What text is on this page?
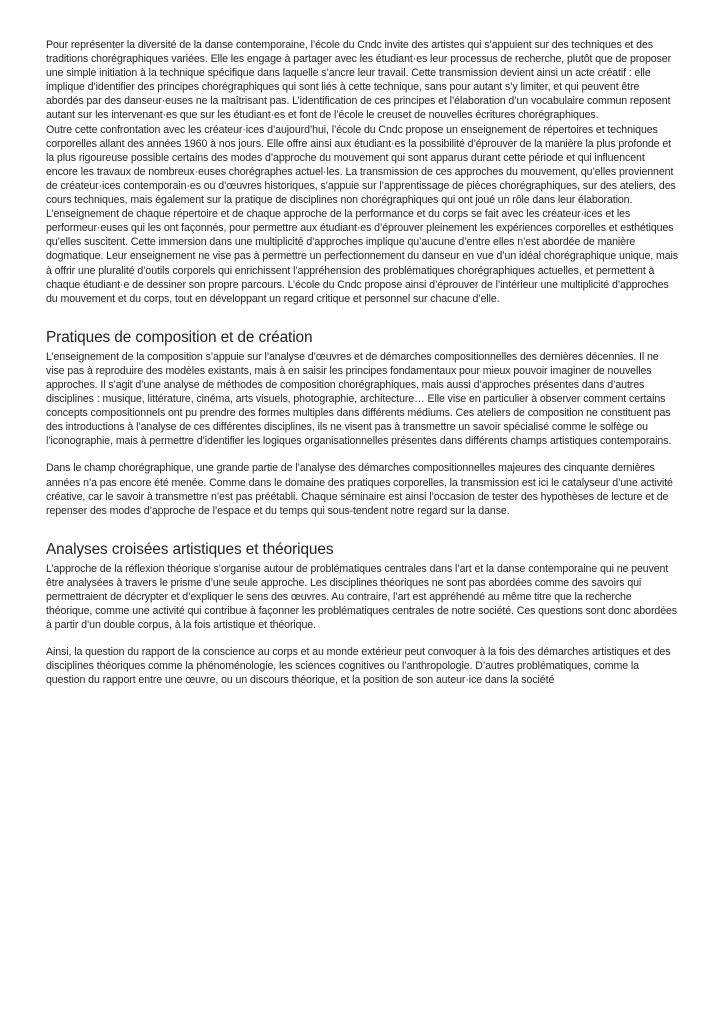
Pour représenter la diversité de la danse contemporaine, l’école du Cndc invite des artistes qui s’appuient sur des techniques et des traditions chorégraphiques variées. Elle les engage à partager avec les étudiant·es leur processus de recherche, plutôt que de proposer une simple initiation à la technique spécifique dans laquelle s’ancre leur travail. Cette transmission devient ainsi un acte créatif : elle implique d’identifier des principes chorégraphiques qui sont liés à cette technique, sans pour autant s’y limiter, et qui peuvent être abordés par des danseur·euses ne la maîtrisant pas. L’identification de ces principes et l’élaboration d’un vocabulaire commun reposent autant sur les intervenant·es que sur les étudiant·es et font de l’école le creuset de nouvelles écritures chorégraphiques.

Outre cette confrontation avec les créateur·ices d’aujourd’hui, l’école du Cndc propose un enseignement de répertoires et techniques corporelles allant des années 1960 à nos jours. Elle offre ainsi aux étudiant·es la possibilité d’éprouver de la manière la plus profonde et la plus rigoureuse possible certains des modes d’approche du mouvement qui sont apparus durant cette période et qui influencent encore les travaux de nombreux·euses chorégraphes actuel·les. La transmission de ces approches du mouvement, qu’elles proviennent de créateur·ices contemporain·es ou d’œuvres historiques, s’appuie sur l’apprentissage de pièces chorégraphiques, sur des ateliers, des cours techniques, mais également sur la pratique de disciplines non chorégraphiques qui ont joué un rôle dans leur élaboration.

L’enseignement de chaque répertoire et de chaque approche de la performance et du corps se fait avec les créateur·ices et les performeur·euses qui les ont façonnés, pour permettre aux étudiant·es d’éprouver pleinement les expériences corporelles et esthétiques qu’elles suscitent. Cette immersion dans une multiplicité d’approches implique qu’aucune d’entre elles n’est abordée de manière dogmatique. Leur enseignement ne vise pas à permettre un perfectionnement du danseur en vue d’un idéal chorégraphique unique, mais à offrir une pluralité d’outils corporels qui enrichissent l’appréhension des problématiques chorégraphiques actuelles, et permettent à chaque étudiant·e de dessiner son propre parcours. L’école du Cndc propose ainsi d’éprouver de l’intérieur une multiplicité d’approches du mouvement et du corps, tout en développant un regard critique et personnel sur chacune d’elle.

Pratiques de composition et de création

L’enseignement de la composition s’appuie sur l’analyse d’œuvres et de démarches compositionnelles des dernières décennies. Il ne vise pas à reproduire des modèles existants, mais à en saisir les principes fondamentaux pour mieux pouvoir imaginer de nouvelles approches. Il s’agit d’une analyse de méthodes de composition chorégraphiques, mais aussi d’approches présentes dans d’autres disciplines : musique, littérature, cinéma, arts visuels, photographie, architecture… Elle vise en particulier à observer comment certains concepts compositionnels ont pu prendre des formes multiples dans différents médiums. Ces ateliers de composition ne constituent pas des introductions à l’analyse de ces différentes disciplines, ils ne visent pas à transmettre un savoir spécialisé comme le solfège ou l’iconographie, mais à permettre d’identifier les logiques organisationnelles présentes dans différents champs artistiques contemporains.

Dans le champ chorégraphique, une grande partie de l’analyse des démarches compositionnelles majeures des cinquante dernières années n’a pas encore été menée. Comme dans le domaine des pratiques corporelles, la transmission est ici le catalyseur d’une activité créative, car le savoir à transmettre n’est pas préétabli. Chaque séminaire est ainsi l’occasion de tester des hypothèses de lecture et de repenser des modes d’approche de l’espace et du temps qui sous-tendent notre regard sur la danse.

Analyses croisées artistiques et théoriques

L’approche de la réflexion théorique s’organise autour de problématiques centrales dans l’art et la danse contemporaine qui ne peuvent être analysées à travers le prisme d’une seule approche. Les disciplines théoriques ne sont pas abordées comme des savoirs qui permettraient de décrypter et d’expliquer le sens des œuvres. Au contraire, l’art est appréhendé au même titre que la recherche théorique, comme une activité qui contribue à façonner les problématiques centrales de notre société. Ces questions sont donc abordées à partir d’un double corpus, à la fois artistique et théorique.

Ainsi, la question du rapport de la conscience au corps et au monde extérieur peut convoquer à la fois des démarches artistiques et des disciplines théoriques comme la phénoménologie, les sciences cognitives ou l’anthropologie. D’autres problématiques, comme la question du rapport entre une œuvre, ou un discours théorique, et la position de son auteur·ice dans la société
